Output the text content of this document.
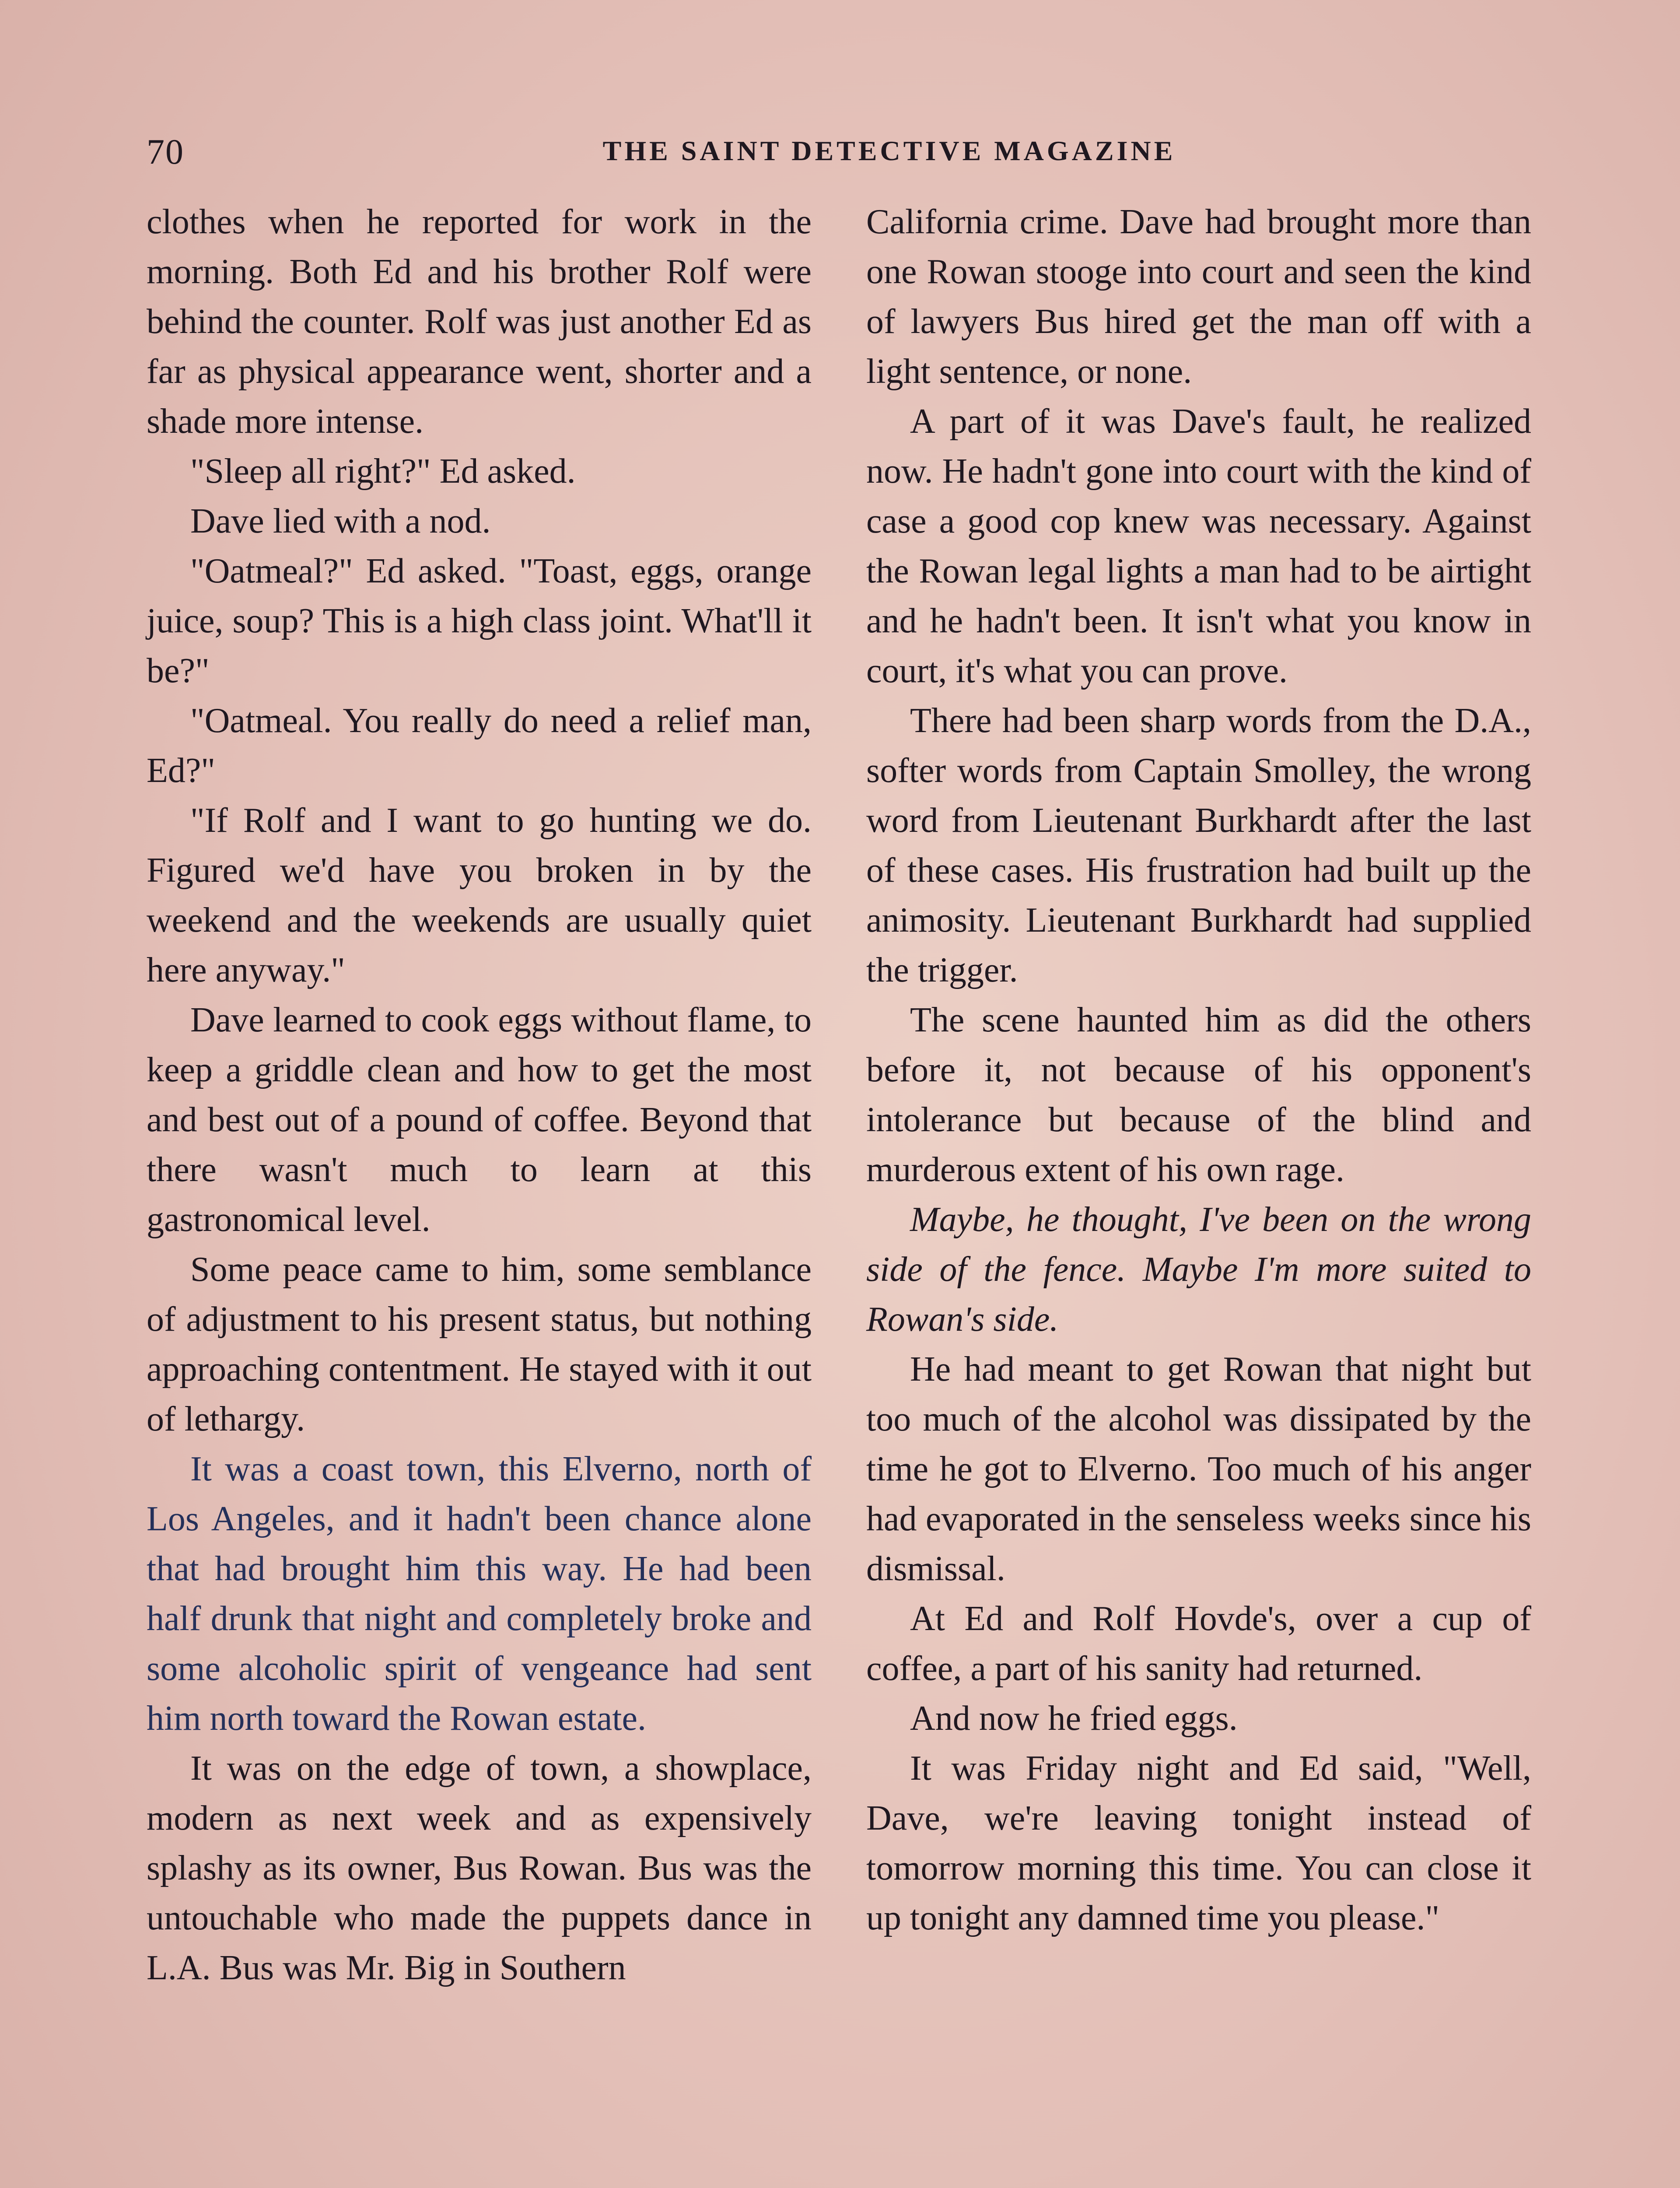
70	THE SAINT DETECTIVE MAGAZINE

clothes when he reported for work in the morning. Both Ed and his brother Rolf were behind the counter. Rolf was just another Ed as far as physical appearance went, shorter and a shade more intense.

"Sleep all right?" Ed asked.

Dave lied with a nod.

"Oatmeal?" Ed asked. "Toast, eggs, orange juice, soup? This is a high class joint. What'll it be?"

"Oatmeal. You really do need a relief man, Ed?"

"If Rolf and I want to go hunting we do. Figured we'd have you broken in by the weekend and the weekends are usually quiet here anyway."

Dave learned to cook eggs without flame, to keep a griddle clean and how to get the most and best out of a pound of coffee. Beyond that there wasn't much to learn at this gastronomical level.

Some peace came to him, some semblance of adjustment to his present status, but nothing approaching contentment. He stayed with it out of lethargy.

It was a coast town, this Elverno, north of Los Angeles, and it hadn't been chance alone that had brought him this way. He had been half drunk that night and completely broke and some alcoholic spirit of vengeance had sent him north toward the Rowan estate.

It was on the edge of town, a showplace, modern as next week and as expensively splashy as its owner, Bus Rowan. Bus was the untouchable who made the puppets dance in L.A. Bus was Mr. Big in Southern

California crime. Dave had brought more than one Rowan stooge into court and seen the kind of lawyers Bus hired get the man off with a light sentence, or none.

A part of it was Dave's fault, he realized now. He hadn't gone into court with the kind of case a good cop knew was necessary. Against the Rowan legal lights a man had to be airtight and he hadn't been. It isn't what you know in court, it's what you can prove.

There had been sharp words from the D.A., softer words from Captain Smolley, the wrong word from Lieutenant Burkhardt after the last of these cases. His frustration had built up the animosity. Lieutenant Burkhardt had supplied the trigger.

The scene haunted him as did the others before it, not because of his opponent's intolerance but because of the blind and murderous extent of his own rage.

Maybe, he thought, I've been on the wrong side of the fence. Maybe I'm more suited to Rowan's side.

He had meant to get Rowan that night but too much of the alcohol was dissipated by the time he got to Elverno. Too much of his anger had evaporated in the senseless weeks since his dismissal.

At Ed and Rolf Hovde's, over a cup of coffee, a part of his sanity had returned.

And now he fried eggs.

It was Friday night and Ed said, "Well, Dave, we're leaving tonight instead of tomorrow morning this time. You can close it up tonight any damned time you please."
